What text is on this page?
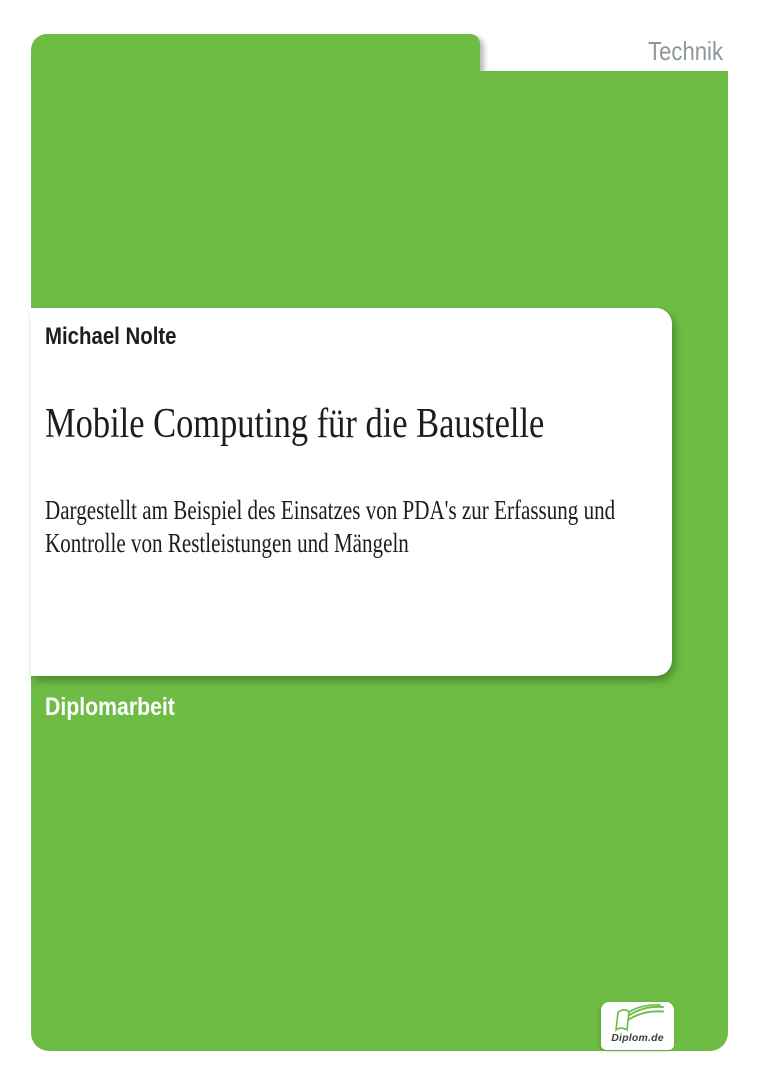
Technik
Michael Nolte
Mobile Computing für die Baustelle
Dargestellt am Beispiel des Einsatzes von PDA's zur Erfassung und
Kontrolle von Restleistungen und Mängeln
Diplomarbeit
Diplom.de
